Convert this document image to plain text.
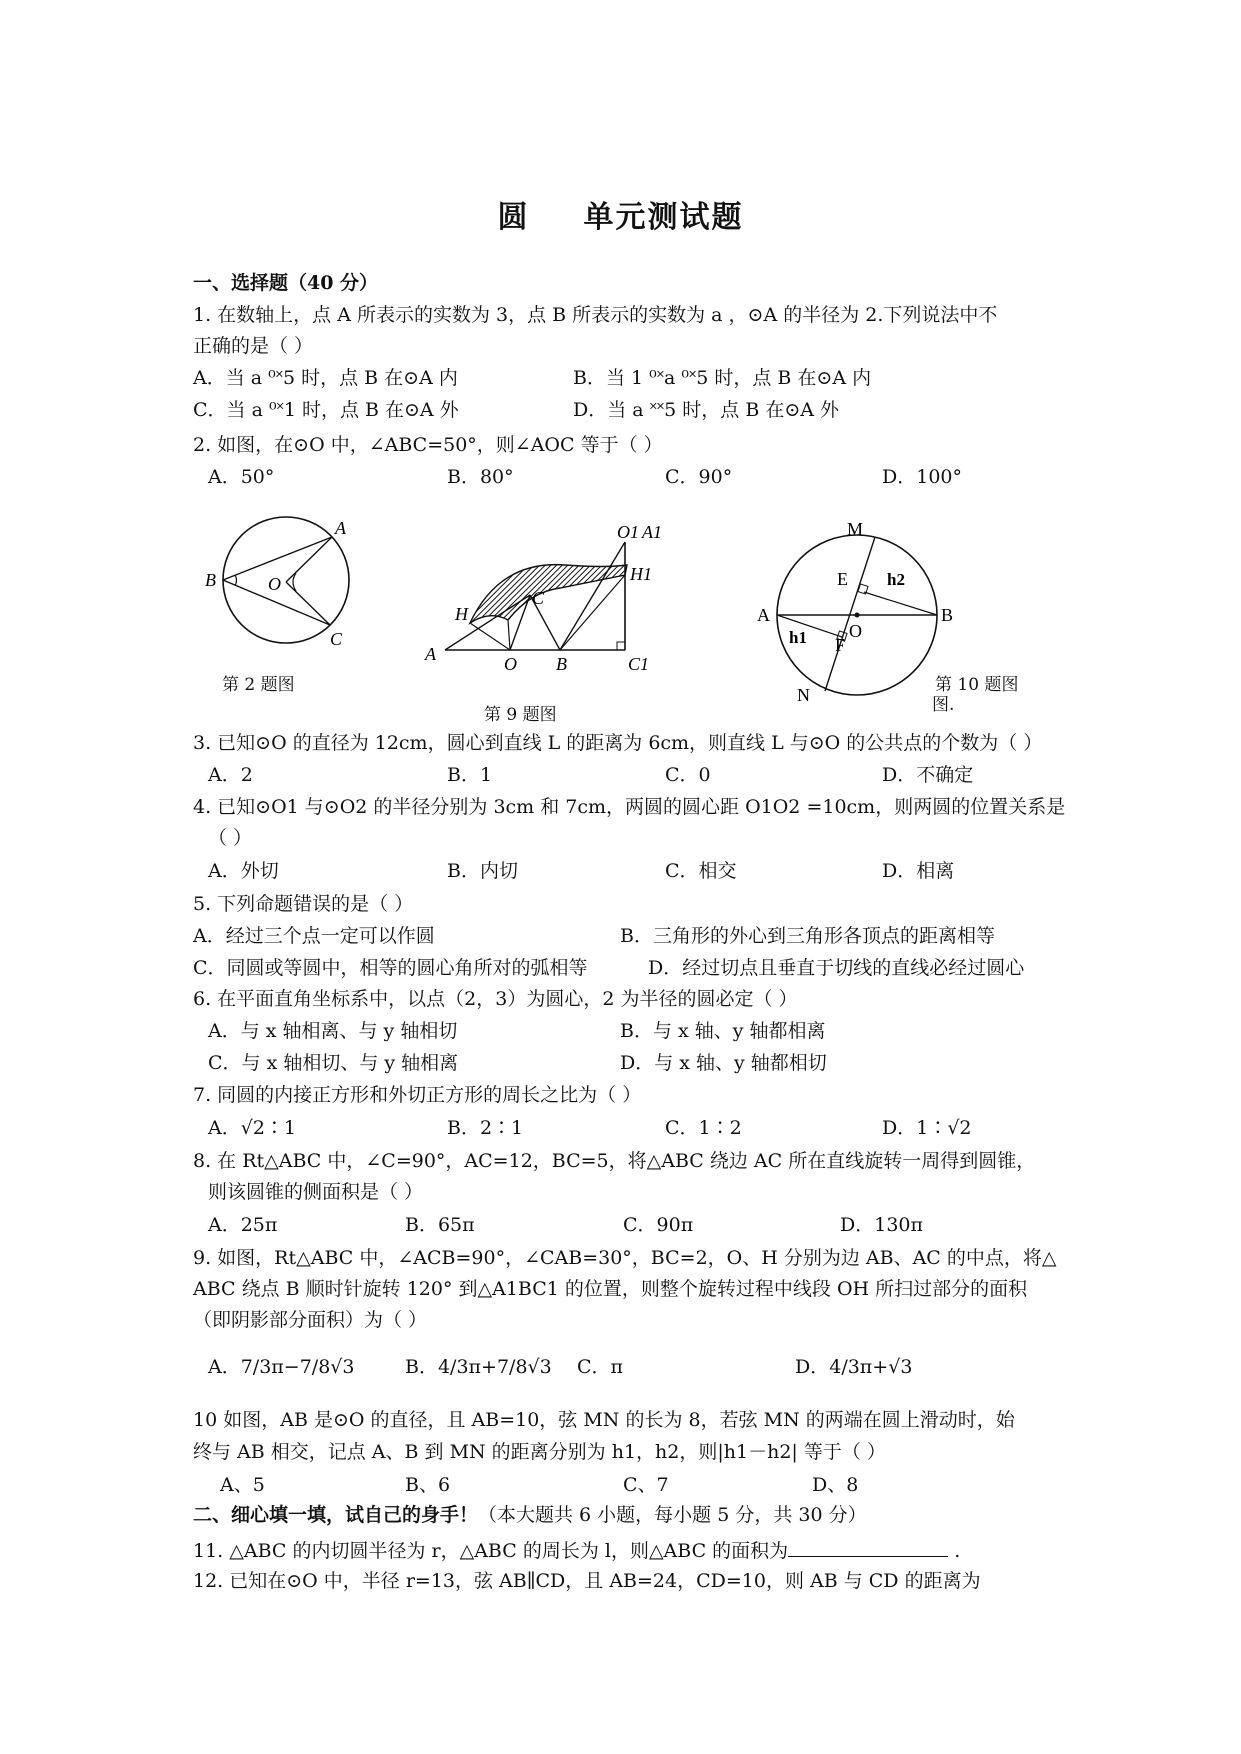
圆 单元测试题
一、选择题（40 分）
1. 在数轴上，点 A 所表示的实数为 3，点 B 所表示的实数为 a ，⊙A 的半径为 2.下列说法中不
正确的是（ ）
A．当 a ⁰˟5 时，点 B 在⊙A 内	B．当 1 ⁰˟a ⁰˟5 时，点 B 在⊙A 内
C．当 a ⁰˟1 时，点 B 在⊙A 外	D．当 a ˟˟5 时，点 B 在⊙A 外
2. 如图，在⊙O 中，∠ABC=50°，则∠AOC 等于（ ）
A．50°	B．80°	C．90°	D．100°
A
B	O
C
第 2 题图
O1 A1
H1
C1
H
C
A	O B
第 9 题图
M
E h2
A
h1 F
O
B
N	第 10 题图
图.
3. 已知⊙O 的直径为 12cm，圆心到直线 L 的距离为 6cm，则直线 L 与⊙O 的公共点的个数为（ ）
A．2	B．1	C．0	D．不确定
4. 已知⊙O1 与⊙O2 的半径分别为 3cm 和 7cm，两圆的圆心距 O1O2 =10cm，则两圆的位置关系是
（ ）
A．外切	B．内切	C．相交	D．相离
5. 下列命题错误的是（ ）
A．经过三个点一定可以作圆	B．三角形的外心到三角形各顶点的距离相等
C．同圆或等圆中，相等的圆心角所对的弧相等	D．经过切点且垂直于切线的直线必经过圆心
6. 在平面直角坐标系中，以点（2，3）为圆心，2 为半径的圆必定（ ）
A．与 x 轴相离、与 y 轴相切	B．与 x 轴、y 轴都相离
C．与 x 轴相切、与 y 轴相离	D．与 x 轴、y 轴都相切
7. 同圆的内接正方形和外切正方形的周长之比为（ ）
A．√2∶1	B．2∶1	C．1∶2	D．1∶√2
8. 在 Rt△ABC 中，∠C=90°，AC=12，BC=5，将△ABC 绕边 AC 所在直线旋转一周得到圆锥，
则该圆锥的侧面积是（ ）
A．25π	B．65π	C．90π	D．130π
9. 如图，Rt△ABC 中，∠ACB=90°，∠CAB=30°，BC=2，O、H 分别为边 AB、AC 的中点，将△
ABC 绕点 B 顺时针旋转 120° 到△A1BC1 的位置，则整个旋转过程中线段 OH 所扫过部分的面积
（即阴影部分面积）为（ ）
A．7/3π−7/8√3	B．4/3π+7/8√3 C．π	D．4/3π+√3
10 如图，AB 是⊙O 的直径，且 AB=10，弦 MN 的长为 8，若弦 MN 的两端在圆上滑动时，始
终与 AB 相交，记点 A、B 到 MN 的距离分别为 h1，h2，则|h1－h2| 等于（ ）
A、5	B、6	C、7	D、8
二、细心填一填，试自己的身手！（本大题共 6 小题，每小题 5 分，共 30 分）
11. △ABC 的内切圆半径为 r，△ABC 的周长为 l，则△ABC 的面积为	.
12. 已知在⊙O 中，半径 r=13，弦 AB∥CD，且 AB=24，CD=10，则 AB 与 CD 的距离为
